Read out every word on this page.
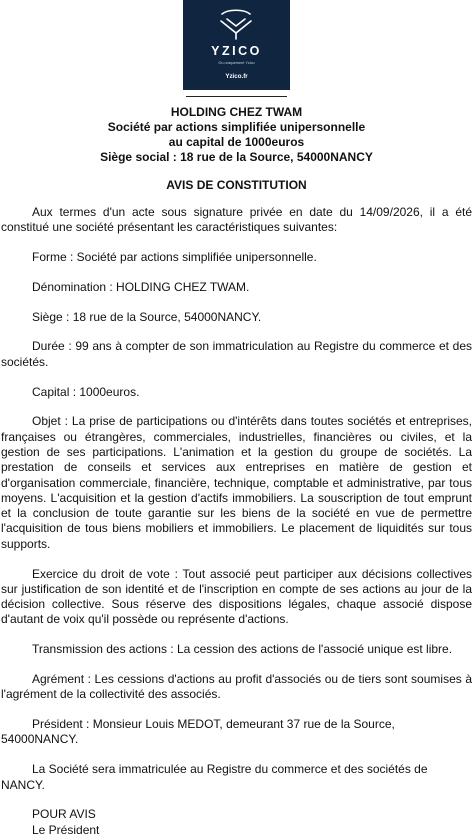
YZICO
Ou uniquement Yzico
Yzico.fr
HOLDING CHEZ TWAM
Société par actions simplifiée unipersonnelle
au capital de 1000euros
Siège social : 18 rue de la Source, 54000NANCY
AVIS DE CONSTITUTION

Aux termes d'un acte sous signature privée en date du 14/09/2026, il a été constitué une société présentant les caractéristiques suivantes:

Forme : Société par actions simplifiée unipersonnelle.

Dénomination : HOLDING CHEZ TWAM.

Siège : 18 rue de la Source, 54000NANCY.

Durée : 99 ans à compter de son immatriculation au Registre du commerce et des sociétés.

Capital : 1000euros.

Objet : La prise de participations ou d'intérêts dans toutes sociétés et entreprises, françaises ou étrangères, commerciales, industrielles, financières ou civiles, et la gestion de ses participations. L'animation et la gestion du groupe de sociétés. La prestation de conseils et services aux entreprises en matière de gestion et d'organisation commerciale, financière, technique, comptable et administrative, par tous moyens. L'acquisition et la gestion d'actifs immobiliers. La souscription de tout emprunt et la conclusion de toute garantie sur les biens de la société en vue de permettre l'acquisition de tous biens mobiliers et immobiliers. Le placement de liquidités sur tous supports.

Exercice du droit de vote : Tout associé peut participer aux décisions collectives sur justification de son identité et de l'inscription en compte de ses actions au jour de la décision collective. Sous réserve des dispositions légales, chaque associé dispose d'autant de voix qu'il possède ou représente d'actions.

Transmission des actions : La cession des actions de l'associé unique est libre.

Agrément : Les cessions d'actions au profit d'associés ou de tiers sont soumises à l'agrément de la collectivité des associés.

Président : Monsieur Louis MEDOT, demeurant 37 rue de la Source, 54000NANCY.

La Société sera immatriculée au Registre du commerce et des sociétés de NANCY.

POUR AVIS
Le Président
